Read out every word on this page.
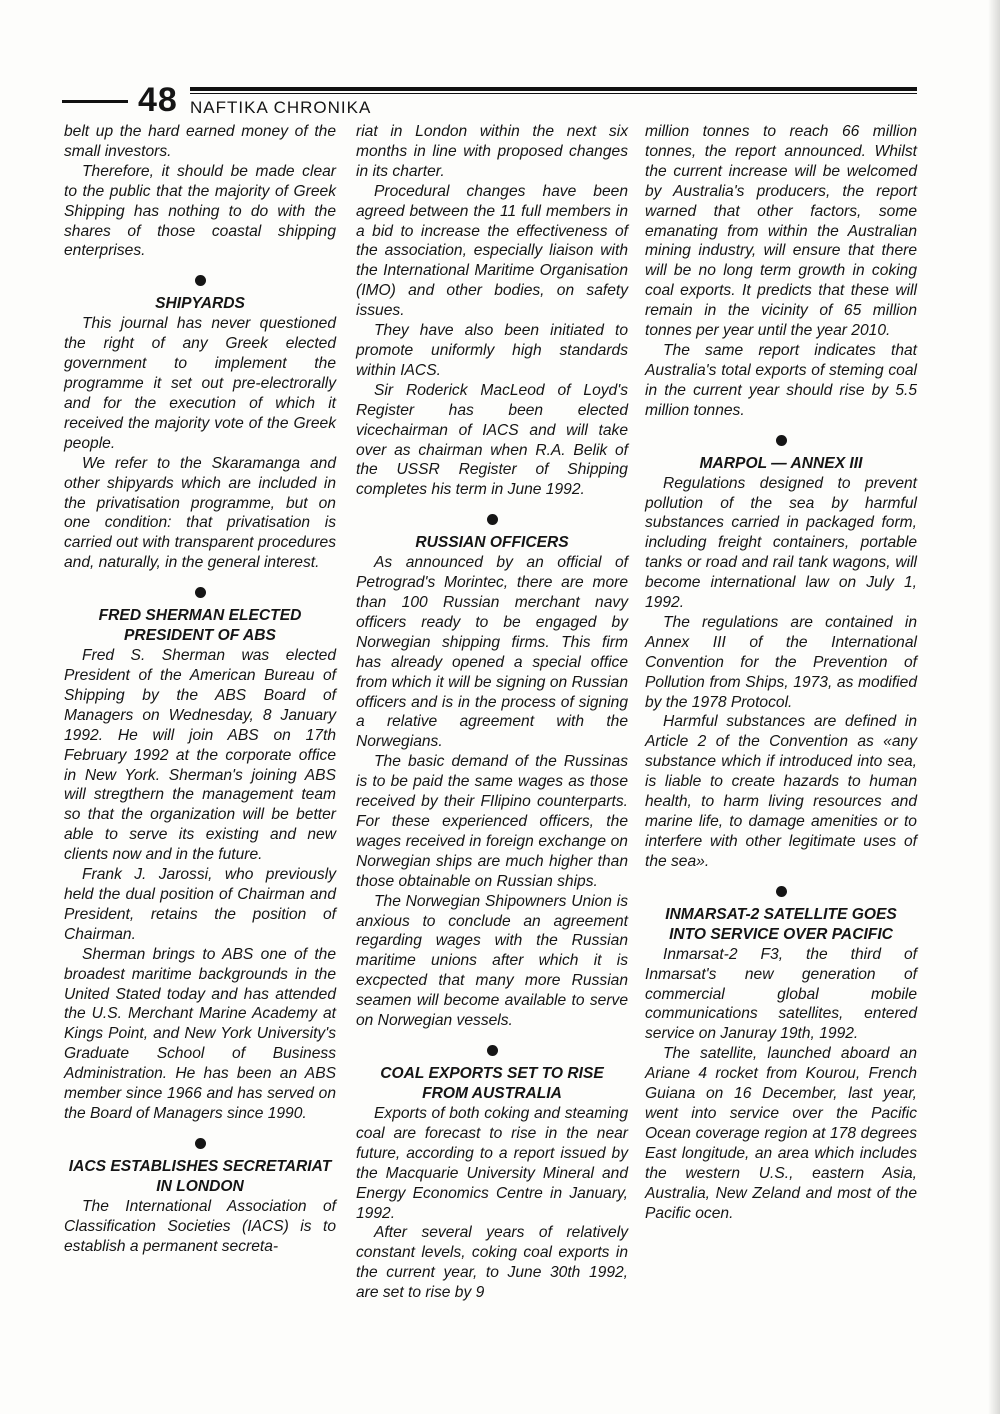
48 NAFTIKA CHRONIKA

belt up the hard earned money of the small investors.

Therefore, it should be made clear to the public that the majority of Greek Shipping has nothing to do with the shares of those coastal shipping enterprises.

SHIPYARDS

This journal has never questioned the right of any Greek elected government to implement the programme it set out pre-electrorally and for the execution of which it received the majority vote of the Greek people.

We refer to the Skaramanga and other shipyards which are included in the privatisation programme, but on one condition: that privatisation is carried out with transparent procedures and, naturally, in the general interest.

FRED SHERMAN ELECTED PRESIDENT OF ABS

Fred S. Sherman was elected President of the American Bureau of Shipping by the ABS Board of Managers on Wednesday, 8 January 1992. He will join ABS on 17th February 1992 at the corporate office in New York. Sherman's joining ABS will stregthern the management team so that the organization will be better able to serve its existing and new clients now and in the future.

Frank J. Jarossi, who previously held the dual position of Chairman and President, retains the position of Chairman.

Sherman brings to ABS one of the broadest maritime backgrounds in the United Stated today and has attended the U.S. Merchant Marine Academy at Kings Point, and New York University's Graduate School of Business Administration. He has been an ABS member since 1966 and has served on the Board of Managers since 1990.

IACS ESTABLISHES SECRETARIAT IN LONDON

The International Association of Classification Societies (IACS) is to establish a permanent secreta-

riat in London within the next six months in line with proposed changes in its charter.

Procedural changes have been agreed between the 11 full members in a bid to increase the effectiveness of the association, especially liaison with the International Maritime Organisation (IMO) and other bodies, on safety issues.

They have also been initiated to promote uniformly high standards within IACS.

Sir Roderick MacLeod of Loyd's Register has been elected vicechairman of IACS and will take over as chairman when R.A. Belik of the USSR Register of Shipping completes his term in June 1992.

RUSSIAN OFFICERS

As announced by an official of Petrograd's Morintec, there are more than 100 Russian merchant navy officers ready to be engaged by Norwegian shipping firms. This firm has already opened a special office from which it will be signing on Russian officers and is in the process of signing a relative agreement with the Norwegians.

The basic demand of the Russinas is to be paid the same wages as those received by their FIlipino counterparts. For these experienced officers, the wages received in foreign exchange on Norwegian ships are much higher than those obtainable on Russian ships.

The Norwegian Shipowners Union is anxious to conclude an agreement regarding wages with the Russian maritime unions after which it is excpected that many more Russian seamen will become available to serve on Norwegian vessels.

COAL EXPORTS SET TO RISE FROM AUSTRALIA

Exports of both coking and steaming coal are forecast to rise in the near future, according to a report issued by the Macquarie University Mineral and Energy Economics Centre in January, 1992.

After several years of relatively constant levels, coking coal exports in the current year, to June 30th 1992, are set to rise by 9

million tonnes to reach 66 million tonnes, the report announced. Whilst the current increase will be welcomed by Australia's producers, the report warned that other factors, some emanating from within the Australian mining industry, will ensure that there will be no long term growth in coking coal exports. It predicts that these will remain in the vicinity of 65 million tonnes per year until the year 2010.

The same report indicates that Australia's total exports of steming coal in the current year should rise by 5.5 million tonnes.

MARPOL — ANNEX III

Regulations designed to prevent pollution of the sea by harmful substances carried in packaged form, including freight containers, portable tanks or road and rail tank wagons, will become international law on July 1, 1992.

The regulations are contained in Annex III of the International Convention for the Prevention of Pollution from Ships, 1973, as modified by the 1978 Protocol.

Harmful substances are defined in Article 2 of the Convention as «any substance which if introduced into sea, is liable to create hazards to human health, to harm living resources and marine life, to damage amenities or to interfere with other legitimate uses of the sea».

INMARSAT-2 SATELLITE GOES INTO SERVICE OVER PACIFIC

Inmarsat-2 F3, the third of Inmarsat's new generation of commercial global mobile communications satellites, entered service on Januray 19th, 1992.

The satellite, launched aboard an Ariane 4 rocket from Kourou, French Guiana on 16 December, last year, went into service over the Pacific Ocean coverage region at 178 degrees East longitude, an area which includes the western U.S., eastern Asia, Australia, New Zeland and most of the Pacific ocen.
